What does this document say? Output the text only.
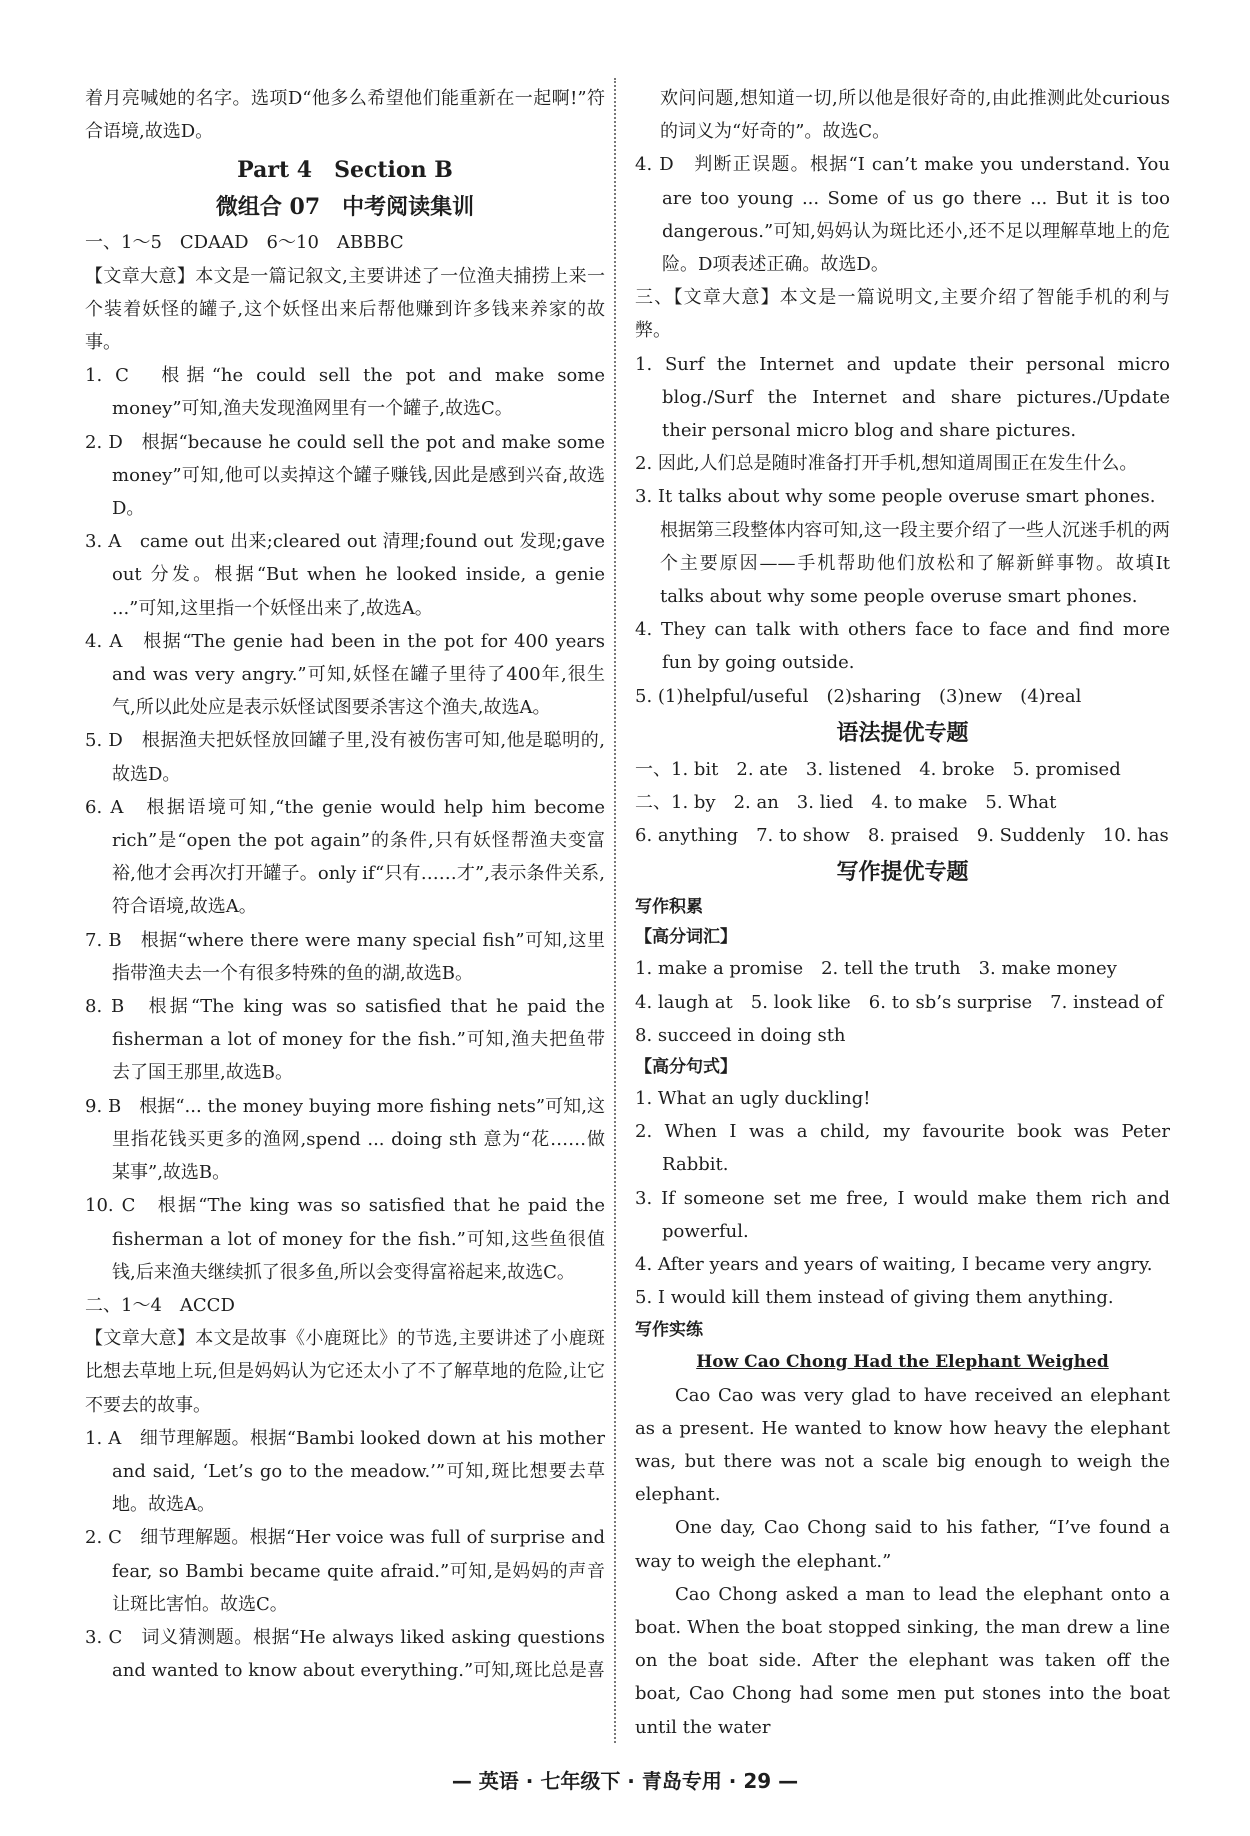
着月亮喊她的名字。选项D“他多么希望他们能重新在一起啊!”符合语境,故选D。

Part 4　Section B
微组合 07　中考阅读集训

一、1～5　CDAAD　6～10　ABBBC

【文章大意】本文是一篇记叙文,主要讲述了一位渔夫捕捞上来一个装着妖怪的罐子,这个妖怪出来后帮他赚到许多钱来养家的故事。

1. C　根据“he could sell the pot and make some money”可知,渔夫发现渔网里有一个罐子,故选C。

2. D　根据“because he could sell the pot and make some money”可知,他可以卖掉这个罐子赚钱,因此是感到兴奋,故选D。

3. A　came out 出来;cleared out 清理;found out 发现;gave out 分发。根据“But when he looked inside, a genie ...”可知,这里指一个妖怪出来了,故选A。

4. A　根据“The genie had been in the pot for 400 years and was very angry.”可知,妖怪在罐子里待了400年,很生气,所以此处应是表示妖怪试图要杀害这个渔夫,故选A。

5. D　根据渔夫把妖怪放回罐子里,没有被伤害可知,他是聪明的,故选D。

6. A　根据语境可知,“the genie would help him become rich”是“open the pot again”的条件,只有妖怪帮渔夫变富裕,他才会再次打开罐子。only if“只有……才”,表示条件关系,符合语境,故选A。

7. B　根据“where there were many special fish”可知,这里指带渔夫去一个有很多特殊的鱼的湖,故选B。

8. B　根据“The king was so satisfied that he paid the fisherman a lot of money for the fish.”可知,渔夫把鱼带去了国王那里,故选B。

9. B　根据“... the money buying more fishing nets”可知,这里指花钱买更多的渔网,spend ... doing sth 意为“花……做某事”,故选B。

10. C　根据“The king was so satisfied that he paid the fisherman a lot of money for the fish.”可知,这些鱼很值钱,后来渔夫继续抓了很多鱼,所以会变得富裕起来,故选C。

二、1～4　ACCD

【文章大意】本文是故事《小鹿斑比》的节选,主要讲述了小鹿斑比想去草地上玩,但是妈妈认为它还太小了不了解草地的危险,让它不要去的故事。

1. A　细节理解题。根据“Bambi looked down at his mother and said, ‘Let’s go to the meadow.’”可知,斑比想要去草地。故选A。

2. C　细节理解题。根据“Her voice was full of surprise and fear, so Bambi became quite afraid.”可知,是妈妈的声音让斑比害怕。故选C。

3. C　词义猜测题。根据“He always liked asking questions and wanted to know about everything.”可知,斑比总是喜

欢问问题,想知道一切,所以他是很好奇的,由此推测此处curious的词义为“好奇的”。故选C。

4. D　判断正误题。根据“I can’t make you understand. You are too young ... Some of us go there ... But it is too dangerous.”可知,妈妈认为斑比还小,还不足以理解草地上的危险。D项表述正确。故选D。

三、【文章大意】本文是一篇说明文,主要介绍了智能手机的利与弊。

1. Surf the Internet and update their personal micro blog./Surf the Internet and share pictures./Update their personal micro blog and share pictures.

2. 因此,人们总是随时准备打开手机,想知道周围正在发生什么。

3. It talks about why some people overuse smart phones.

根据第三段整体内容可知,这一段主要介绍了一些人沉迷手机的两个主要原因——手机帮助他们放松和了解新鲜事物。故填It talks about why some people overuse smart phones.

4. They can talk with others face to face and find more fun by going outside.

5. (1)helpful/useful　(2)sharing　(3)new　(4)real

语法提优专题

一、1. bit　2. ate　3. listened　4. broke　5. promised

二、1. by　2. an　3. lied　4. to make　5. What

6. anything　7. to show　8. praised　9. Suddenly　10. has

写作提优专题
写作积累
【高分词汇】

1. make a promise　2. tell the truth　3. make money

4. laugh at　5. look like　6. to sb’s surprise　7. instead of

8. succeed in doing sth

【高分句式】

1. What an ugly duckling!

2. When I was a child, my favourite book was Peter Rabbit.

3. If someone set me free, I would make them rich and powerful.

4. After years and years of waiting, I became very angry.

5. I would kill them instead of giving them anything.

写作实练
How Cao Chong Had the Elephant Weighed

Cao Cao was very glad to have received an elephant as a present. He wanted to know how heavy the elephant was, but there was not a scale big enough to weigh the elephant.

One day, Cao Chong said to his father, “I’ve found a way to weigh the elephant.”

Cao Chong asked a man to lead the elephant onto a boat. When the boat stopped sinking, the man drew a line on the boat side. After the elephant was taken off the boat, Cao Chong had some men put stones into the boat until the water

— 英语 · 七年级下 · 青岛专用 · 29 —
